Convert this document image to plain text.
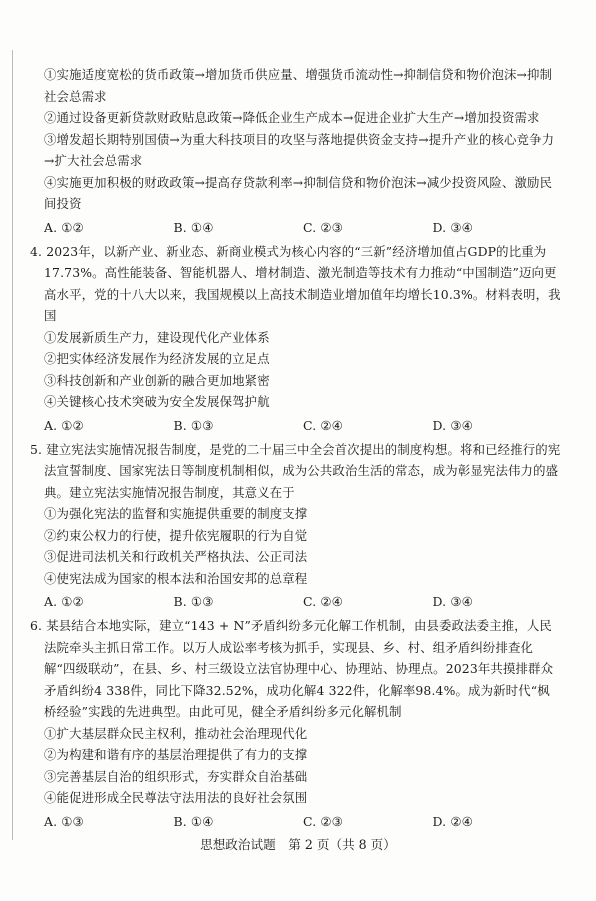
①实施适度宽松的货币政策→增加货币供应量、增强货币流动性→抑制信贷和物价泡沫→抑制社会总需求

②通过设备更新贷款财政贴息政策→降低企业生产成本→促进企业扩大生产→增加投资需求

③增发超长期特别国债→为重大科技项目的攻坚与落地提供资金支持→提升产业的核心竞争力→扩大社会总需求

④实施更加积极的财政政策→提高存贷款利率→抑制信贷和物价泡沫→减少投资风险、激励民间投资

A. ①②	B. ①④	C. ②③	D. ③④

4. 2023年，以新产业、新业态、新商业模式为核心内容的“三新”经济增加值占GDP的比重为17.73%。高性能装备、智能机器人、增材制造、激光制造等技术有力推动“中国制造”迈向更高水平，党的十八大以来，我国规模以上高技术制造业增加值年均增长10.3%。材料表明，我国

①发展新质生产力，建设现代化产业体系

②把实体经济发展作为经济发展的立足点

③科技创新和产业创新的融合更加地紧密

④关键核心技术突破为安全发展保驾护航

A. ①②	B. ①③	C. ②④	D. ③④

5. 建立宪法实施情况报告制度，是党的二十届三中全会首次提出的制度构想。将和已经推行的宪法宣誓制度、国家宪法日等制度机制相似，成为公共政治生活的常态，成为彰显宪法伟力的盛典。建立宪法实施情况报告制度，其意义在于

①为强化宪法的监督和实施提供重要的制度支撑

②约束公权力的行使，提升依宪履职的行为自觉

③促进司法机关和行政机关严格执法、公正司法

④使宪法成为国家的根本法和治国安邦的总章程

A. ①②	B. ①③	C. ②④	D. ③④

6. 某县结合本地实际，建立“143 + N”矛盾纠纷多元化解工作机制，由县委政法委主推，人民法院牵头主抓日常工作。以万人成讼率考核为抓手，实现县、乡、村、组矛盾纠纷排查化解“四级联动”，在县、乡、村三级设立法官协理中心、协理站、协理点。2023年共摸排群众矛盾纠纷4 338件，同比下降32.52%，成功化解4 322件，化解率98.4%。成为新时代“枫桥经验”实践的先进典型。由此可见，健全矛盾纠纷多元化解机制

①扩大基层群众民主权利，推动社会治理现代化

②为构建和谐有序的基层治理提供了有力的支撑

③完善基层自治的组织形式，夯实群众自治基础

④能促进形成全民尊法守法用法的良好社会氛围

A. ①③	B. ①④	C. ②③	D. ②④
思想政治试题　第 2 页（共 8 页）
